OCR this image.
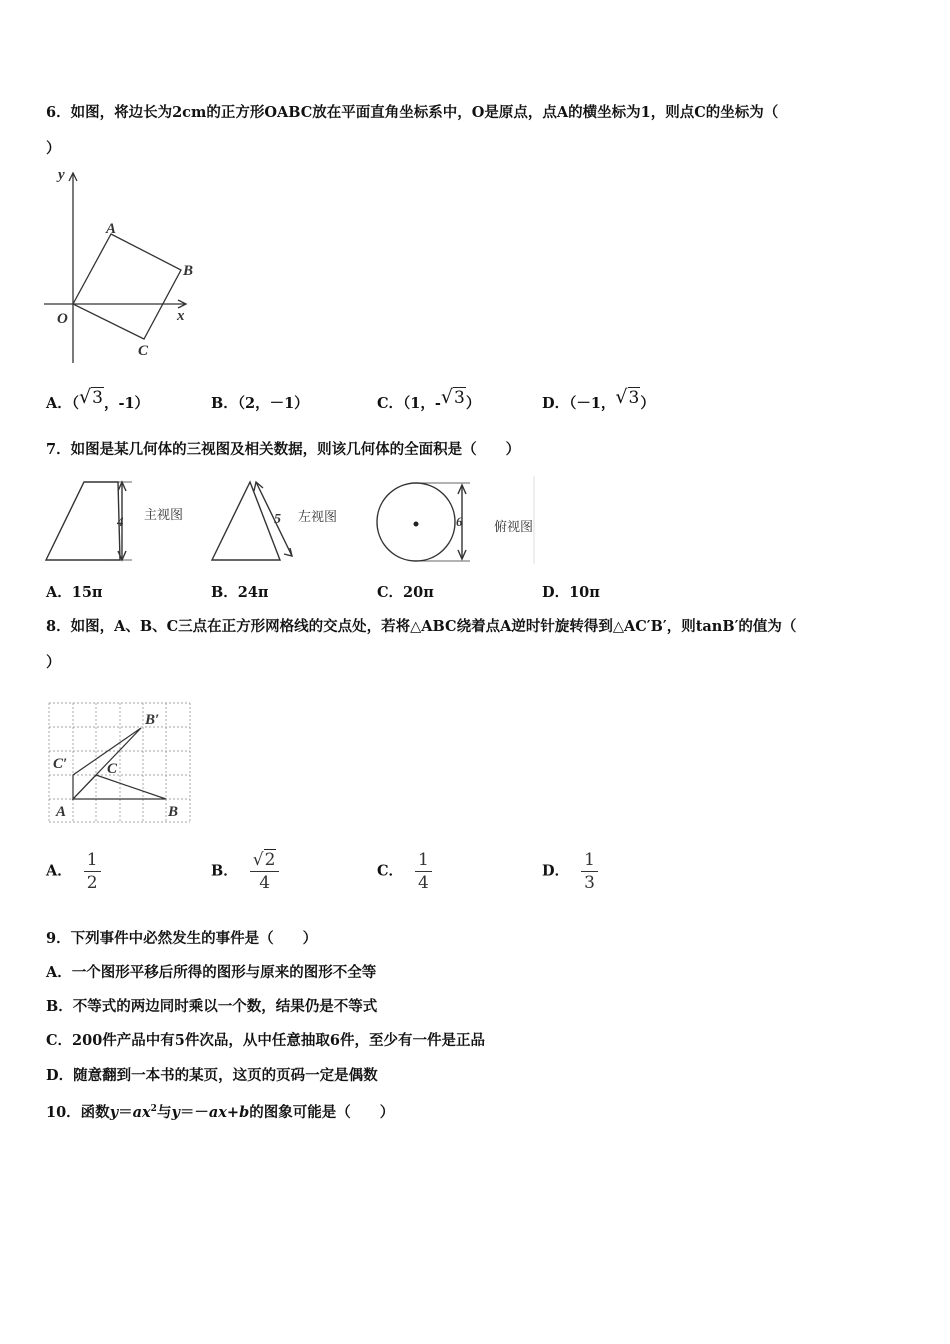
6．如图，将边长为2cm的正方形OABC放在平面直角坐标系中，O是原点，点A的横坐标为1，则点C的坐标为（
）
y
x
O
A
B
C
A．（√3，-1）	B．（2，－1）	C．（1，-√3）	D．（－1，√3）
7．如图是某几何体的三视图及相关数据，则该几何体的全面积是（　　）
4 主视图	5 左视图	6 俯视图
A．15π	B．24π	C．20π	D．10π
8．如图，A、B、C三点在正方形网格线的交点处，若将△ABC绕着点A逆时针旋转得到△AC′B′，则tanB′的值为（
）
A	B
C
B′
C′
A． $\frac{1}{2}$	B． $\frac{√2}{4}$	C． $\frac{1}{4}$	D． $\frac{1}{3}$
9．下列事件中必然发生的事件是（　　）
A．一个图形平移后所得的图形与原来的图形不全等
B．不等式的两边同时乘以一个数，结果仍是不等式
C．200件产品中有5件次品，从中任意抽取6件，至少有一件是正品
D．随意翻到一本书的某页，这页的页码一定是偶数
10．函数$y=ax^2$与y＝－ax+b的图象可能是（　　）
